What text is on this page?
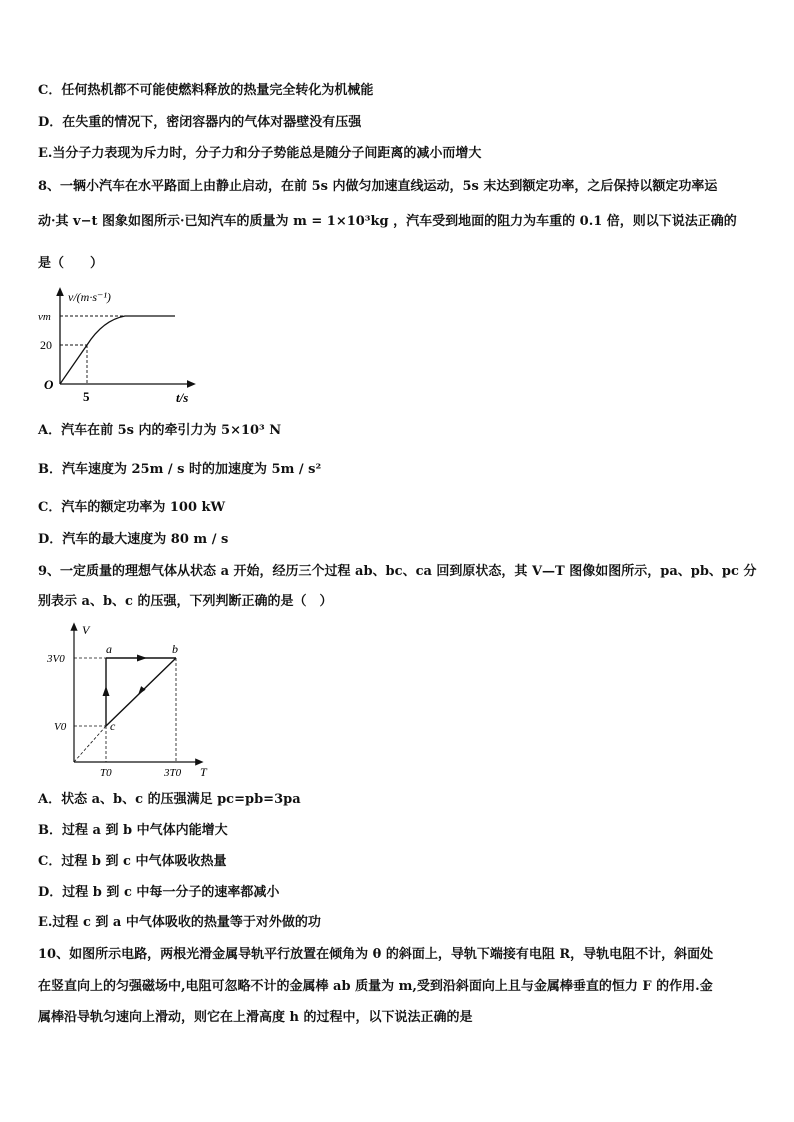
C．任何热机都不可能使燃料释放的热量完全转化为机械能
D．在失重的情况下，密闭容器内的气体对器壁没有压强
E.当分子力表现为斥力时，分子力和分子势能总是随分子间距离的减小而增大
8、一辆小汽车在水平路面上由静止启动，在前 5s 内做匀加速直线运动，5s 末达到额定功率，之后保持以额定功率运
动·其 v−t 图象如图所示·已知汽车的质量为 m = 1×10³kg ，汽车受到地面的阻力为车重的 0.1 倍，则以下说法正确的
是（　　）
v/(m·s⁻¹)
vm
20
O
5	t/s
A．汽车在前 5s 内的牵引力为 5×10³ N
B．汽车速度为 25m / s 时的加速度为 5m / s²
C．汽车的额定功率为 100 kW
D．汽车的最大速度为 80 m / s
9、一定质量的理想气体从状态 a 开始，经历三个过程 ab、bc、ca 回到原状态，其 V—T 图像如图所示，pa、pb、pc 分
别表示 a、b、c 的压强，下列判断正确的是（　）
V
T
3V0
V0
T0	3T0
a	b
c
A．状态 a、b、c 的压强满足 pc=pb=3pa
B．过程 a 到 b 中气体内能增大
C．过程 b 到 c 中气体吸收热量
D．过程 b 到 c 中每一分子的速率都减小
E.过程 c 到 a 中气体吸收的热量等于对外做的功
10、如图所示电路，两根光滑金属导轨平行放置在倾角为 θ 的斜面上，导轨下端接有电阻 R，导轨电阻不计，斜面处
在竖直向上的匀强磁场中,电阻可忽略不计的金属棒 ab 质量为 m,受到沿斜面向上且与金属棒垂直的恒力 F 的作用.金
属棒沿导轨匀速向上滑动，则它在上滑高度 h 的过程中，以下说法正确的是
